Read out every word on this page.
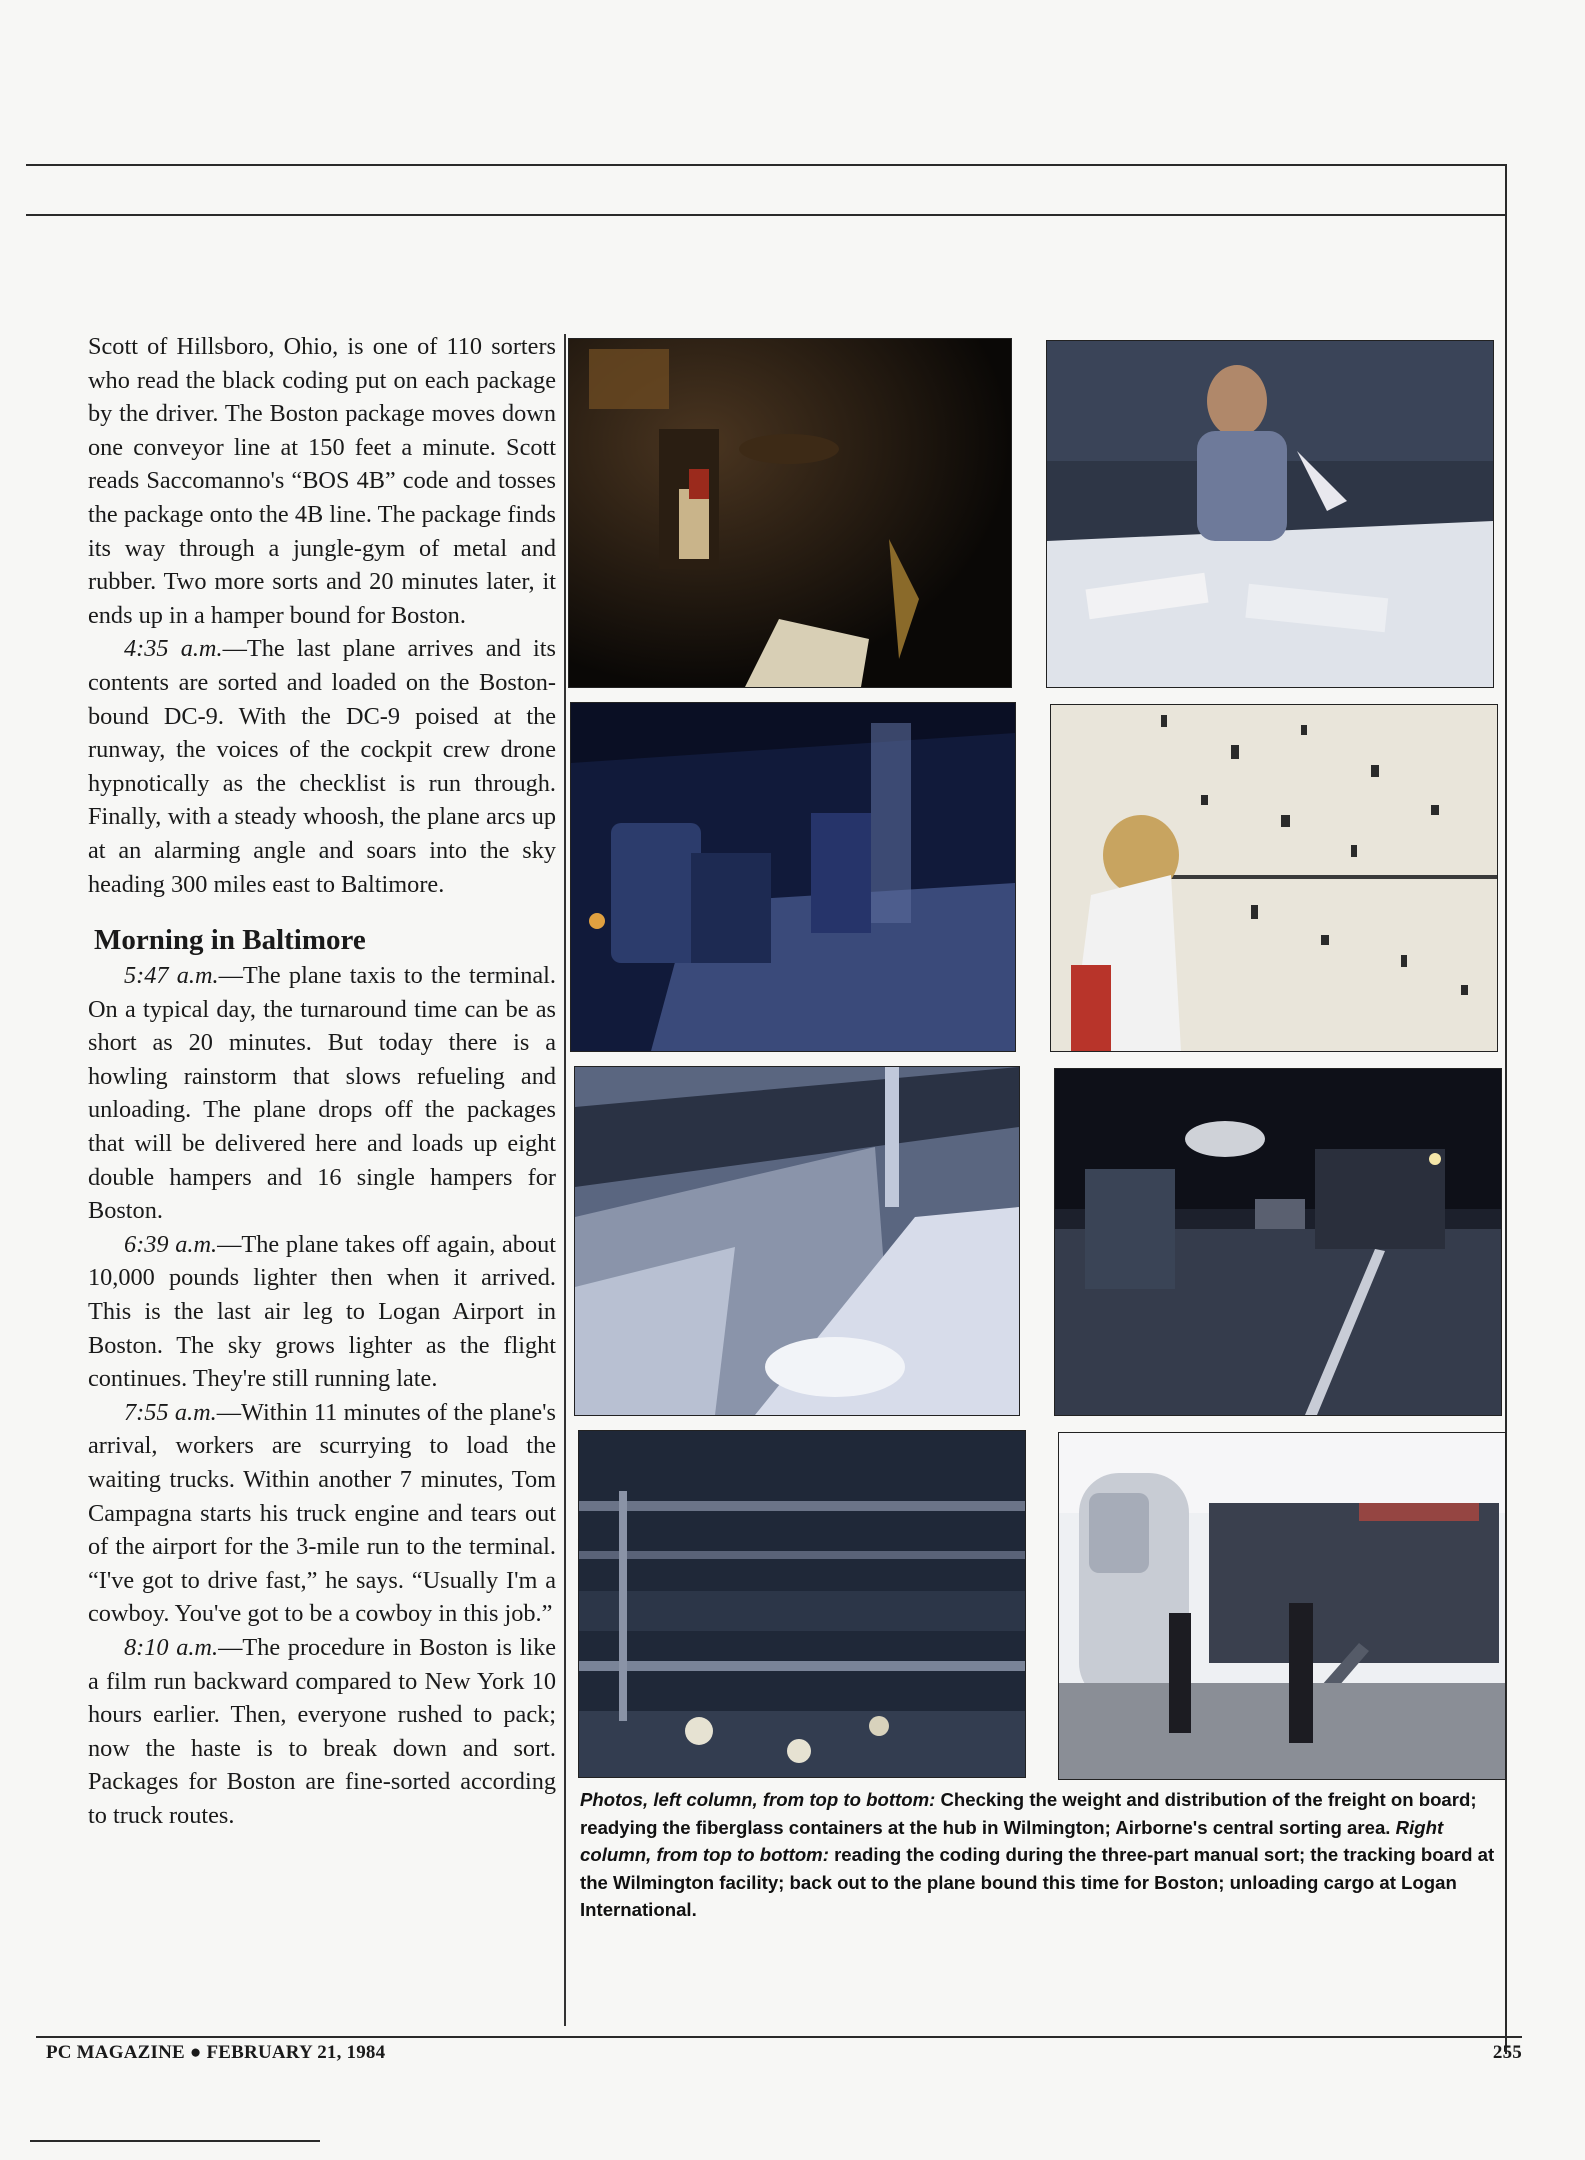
Scott of Hillsboro, Ohio, is one of 110 sorters who read the black coding put on each package by the driver. The Boston package moves down one conveyor line at 150 feet a minute. Scott reads Saccomanno's “BOS 4B” code and tosses the package onto the 4B line. The package finds its way through a jungle-gym of metal and rubber. Two more sorts and 20 minutes later, it ends up in a hamper bound for Boston.

4:35 a.m.—The last plane arrives and its contents are sorted and loaded on the Boston-bound DC-9. With the DC-9 poised at the runway, the voices of the cockpit crew drone hypnotically as the checklist is run through. Finally, with a steady whoosh, the plane arcs up at an alarming angle and soars into the sky heading 300 miles east to Baltimore.

Morning in Baltimore

5:47 a.m.—The plane taxis to the terminal. On a typical day, the turnaround time can be as short as 20 minutes. But today there is a howling rainstorm that slows refueling and unloading. The plane drops off the packages that will be delivered here and loads up eight double hampers and 16 single hampers for Boston.

6:39 a.m.—The plane takes off again, about 10,000 pounds lighter then when it arrived. This is the last air leg to Logan Airport in Boston. The sky grows lighter as the flight continues. They're still running late.

7:55 a.m.—Within 11 minutes of the plane's arrival, workers are scurrying to load the waiting trucks. Within another 7 minutes, Tom Campagna starts his truck engine and tears out of the airport for the 3-mile run to the terminal. “I've got to drive fast,” he says. “Usually I'm a cowboy. You've got to be a cowboy in this job.”

8:10 a.m.—The procedure in Boston is like a film run backward compared to New York 10 hours earlier. Then, everyone rushed to pack; now the haste is to break down and sort. Packages for Boston are fine-sorted according to truck routes.

Photos, left column, from top to bottom: Checking the weight and distribution of the freight on board; readying the fiberglass containers at the hub in Wilmington; Airborne's central sorting area. Right column, from top to bottom: reading the coding during the three-part manual sort; the tracking board at the Wilmington facility; back out to the plane bound this time for Boston; unloading cargo at Logan International.
PC MAGAZINE ● FEBRUARY 21, 1984	255
